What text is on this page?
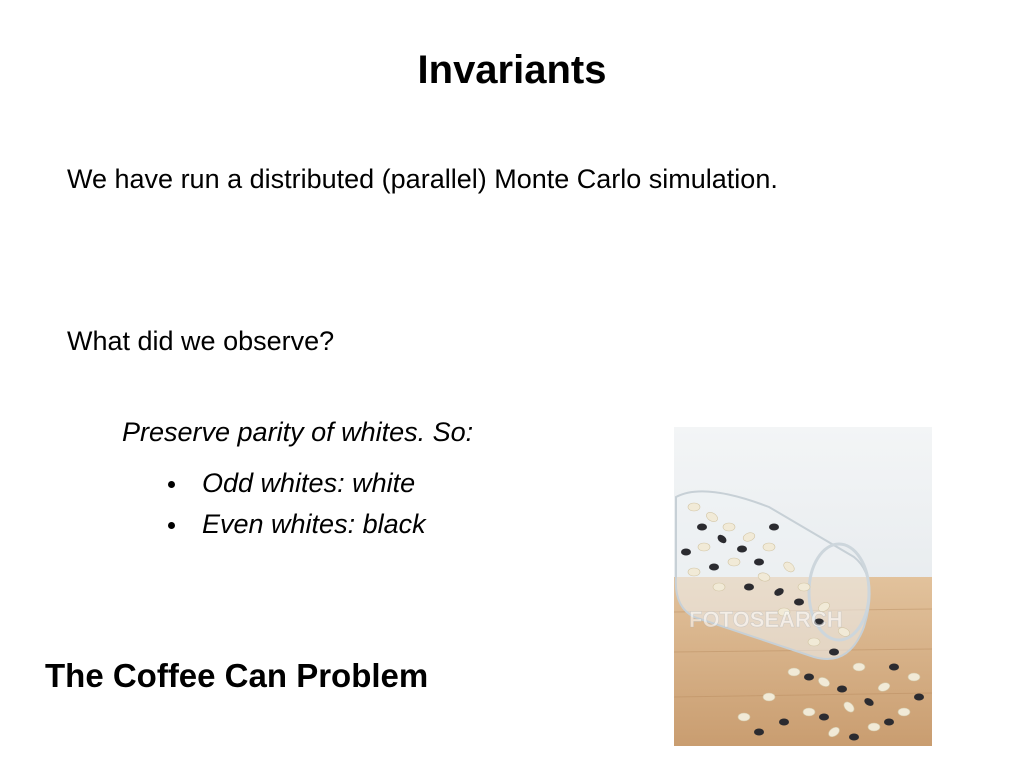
Invariants
We have run a distributed (parallel) Monte Carlo simulation.
What did we observe?
Preserve parity of whites. So:
Odd whites: white
Even whites: black
The Coffee Can Problem
FOTOSEARCH
